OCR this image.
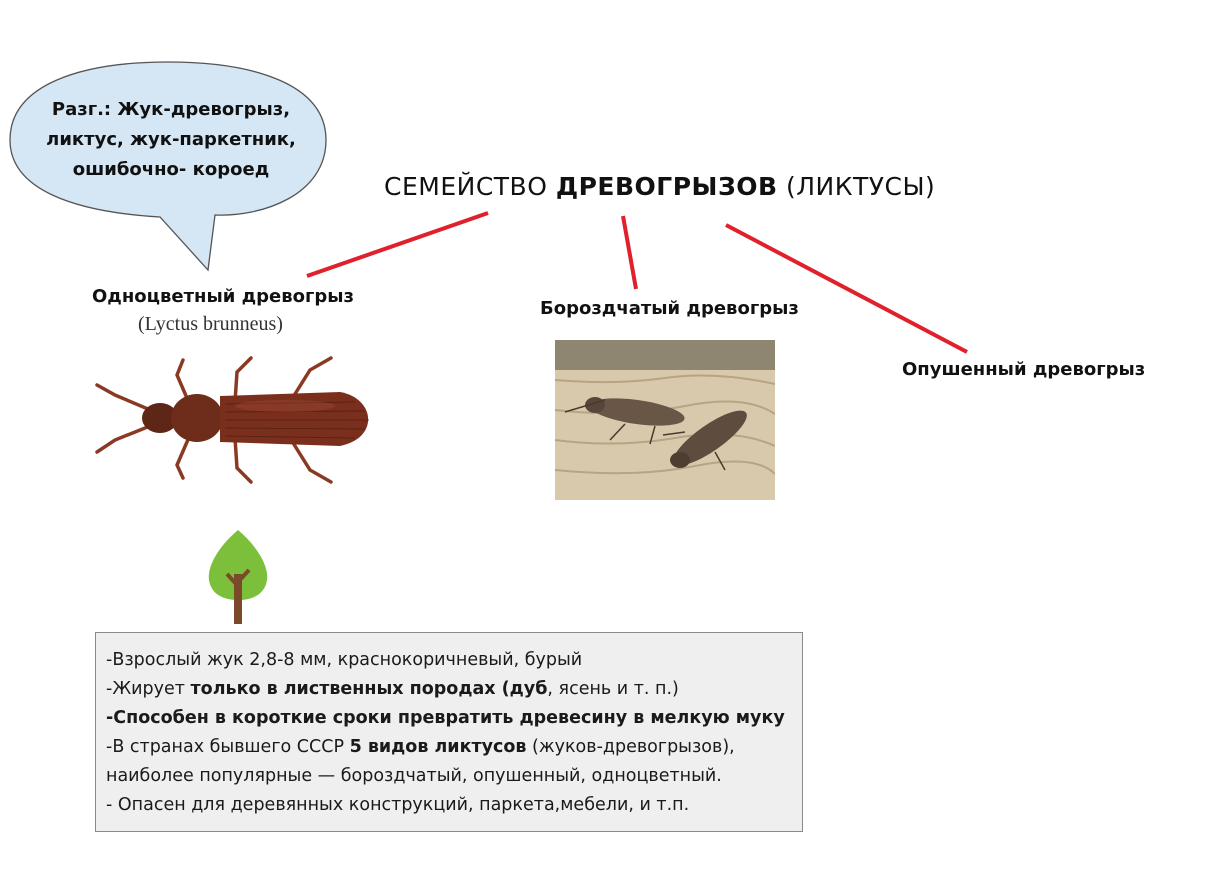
Разг.: Жук-древогрыз,
ликтус, жук-паркетник,
ошибочно- короед
СЕМЕЙСТВО ДРЕВОГРЫЗОВ (ЛИКТУСЫ)
Одноцветный древогрыз
(Lyctus brunneus)
Бороздчатый древогрыз
Опушенный древогрыз
-Взрослый жук 2,8-8 мм, краснокоричневый, бурый
-Жирует только в лиственных породах (дуб, ясень и т. п.)
-Способен в короткие сроки превратить древесину в мелкую муку
-В странах бывшего СССР 5 видов ликтусов (жуков-древогрызов),
наиболее популярные — бороздчатый, опушенный, одноцветный.
- Опасен для деревянных конструкций, паркета,мебели, и т.п.
